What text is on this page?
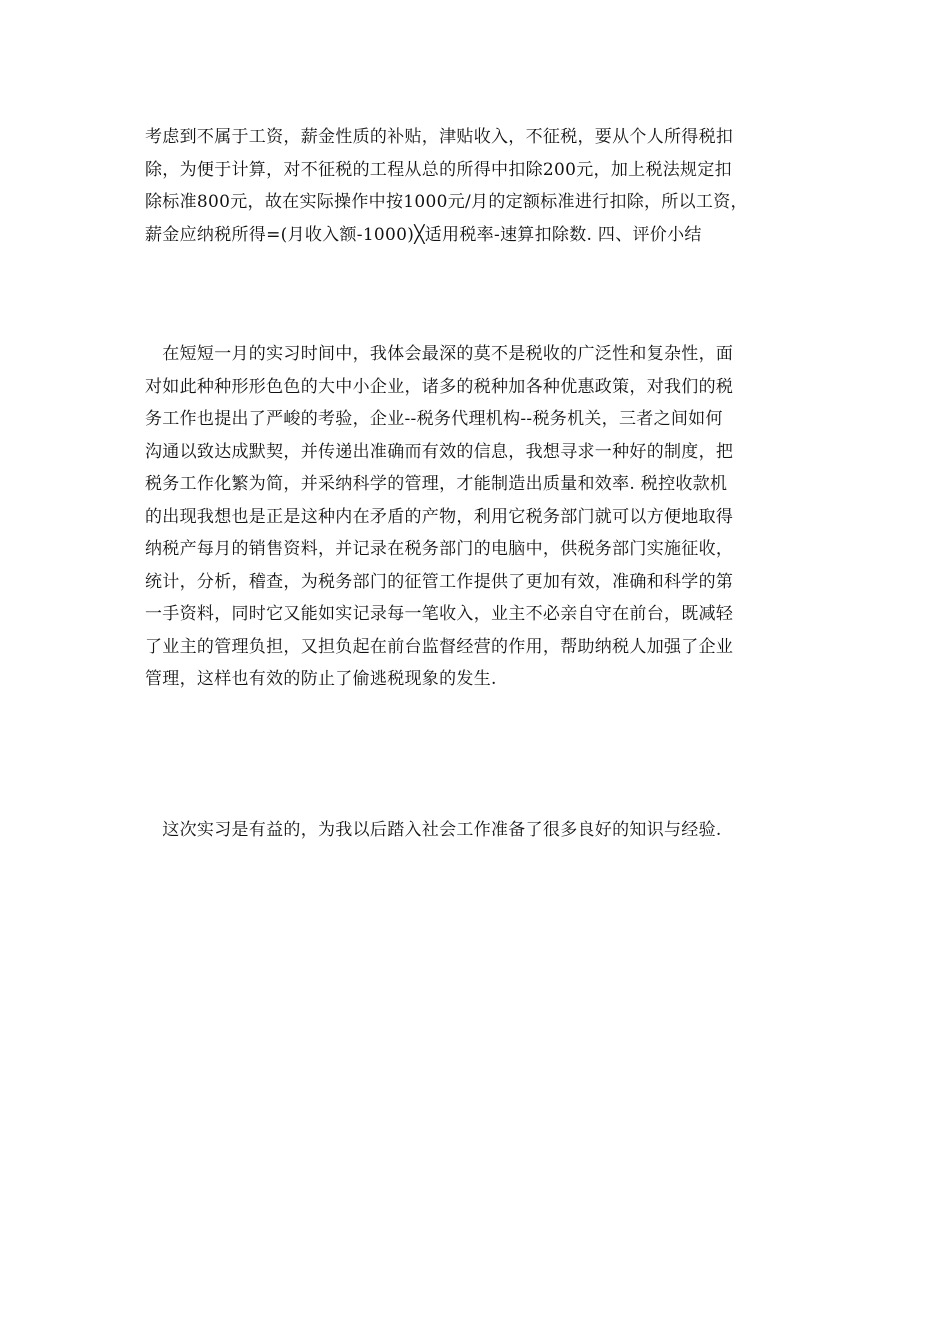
考虑到不属于工资，薪金性质的补贴，津贴收入，不征税，要从个人所得税扣
除，为便于计算，对不征税的工程从总的所得中扣除200元，加上税法规定扣
除标准800元，故在实际操作中按1000元/月的定额标准进行扣除，所以工资，
薪金应纳税所得=(月收入额-1000)╳适用税率-速算扣除数. 四、评价小结

　在短短一月的实习时间中，我体会最深的莫不是税收的广泛性和复杂性，面
对如此种种形形色色的大中小企业，诸多的税种加各种优惠政策，对我们的税
务工作也提出了严峻的考验，企业--税务代理机构--税务机关，三者之间如何
沟通以致达成默契，并传递出准确而有效的信息，我想寻求一种好的制度，把
税务工作化繁为简，并采纳科学的管理，才能制造出质量和效率. 税控收款机
的出现我想也是正是这种内在矛盾的产物，利用它税务部门就可以方便地取得
纳税产每月的销售资料，并记录在税务部门的电脑中，供税务部门实施征收，
统计，分析，稽查，为税务部门的征管工作提供了更加有效，准确和科学的第
一手资料，同时它又能如实记录每一笔收入，业主不必亲自守在前台，既减轻
了业主的管理负担，又担负起在前台监督经营的作用，帮助纳税人加强了企业
管理，这样也有效的防止了偷逃税现象的发生.

　这次实习是有益的，为我以后踏入社会工作准备了很多良好的知识与经验.
